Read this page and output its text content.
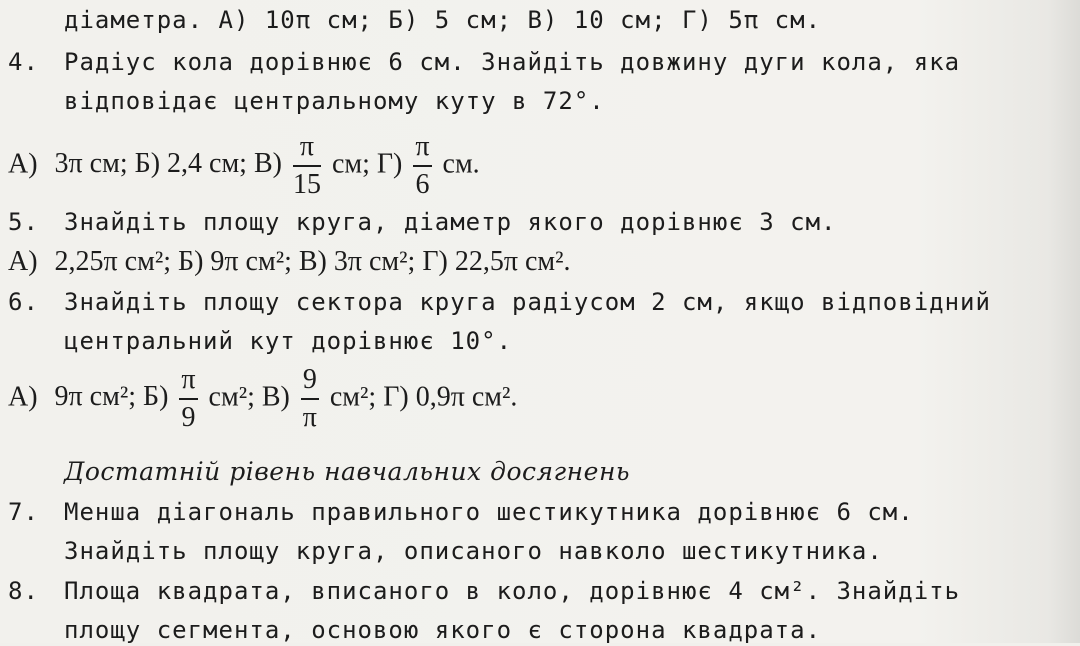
діаметра. А) 10π см; Б) 5 см; В) 10 см; Г) 5π см.
4. Радіус кола дорівнює 6 см. Знайдіть довжину дуги кола, яка
відповідає центральному куту в 72°.
А) 3π см; Б) 2,4 см; $В) \frac{\pi}{15}$ см; $Г) \frac{\pi}{6}$ см.
5. Знайдіть площу круга, діаметр якого дорівнює 3 см.
А) 2,25π см²; Б) 9π см²; В) 3π см²; Г) 22,5π см².
6. Знайдіть площу сектора круга радіусом 2 см, якщо відповідний
центральний кут дорівнює 10°.
А) 9π см²; $Б) \frac{\pi}{9} см^2$; $В) \frac{9}{\pi} см^2$; Г) 0,9π см².
Достатній рівень навчальних досягнень
7. Менша діагональ правильного шестикутника дорівнює 6 см.
Знайдіть площу круга, описаного навколо шестикутника.
8. Площа квадрата, вписаного в коло, дорівнює 4 см². Знайдіть
площу сегмента, основою якого є сторона квадрата.
